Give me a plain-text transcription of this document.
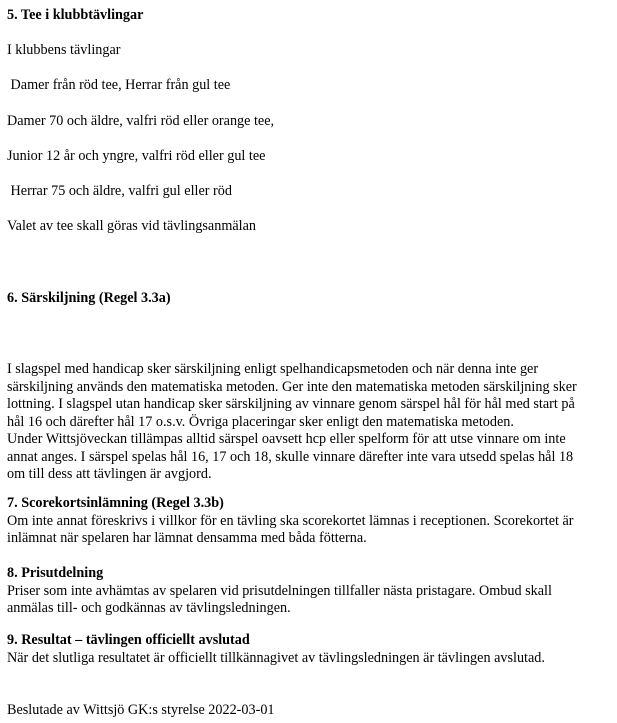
5. Tee i klubbtävlingar
I klubbens tävlingar
Damer från röd tee, Herrar från gul tee
Damer 70 och äldre, valfri röd eller orange tee,
Junior 12 år och yngre, valfri röd eller gul tee
Herrar 75 och äldre, valfri gul eller röd
Valet av tee skall göras vid tävlingsanmälan
6. Särskiljning (Regel 3.3a)
I slagspel med handicap sker särskiljning enligt spelhandicapsmetoden och när denna inte ger
särskiljning används den matematiska metoden. Ger inte den matematiska metoden särskiljning sker
lottning. I slagspel utan handicap sker särskiljning av vinnare genom särspel hål för hål med start på
hål 16 och därefter hål 17 o.s.v. Övriga placeringar sker enligt den matematiska metoden.
Under Wittsjöveckan tillämpas alltid särspel oavsett hcp eller spelform för att utse vinnare om inte
annat anges. I särspel spelas hål 16, 17 och 18, skulle vinnare därefter inte vara utsedd spelas hål 18
om till dess att tävlingen är avgjord.
7. Scorekortsinlämning (Regel 3.3b)
Om inte annat föreskrivs i villkor för en tävling ska scorekortet lämnas i receptionen. Scorekortet är
inlämnat när spelaren har lämnat densamma med båda fötterna.
8. Prisutdelning
Priser som inte avhämtas av spelaren vid prisutdelningen tillfaller nästa pristagare. Ombud skall
anmälas till- och godkännas av tävlingsledningen.
9. Resultat – tävlingen officiellt avslutad
När det slutliga resultatet är officiellt tillkännagivet av tävlingsledningen är tävlingen avslutad.
Beslutade av Wittsjö GK:s styrelse 2022-03-01
